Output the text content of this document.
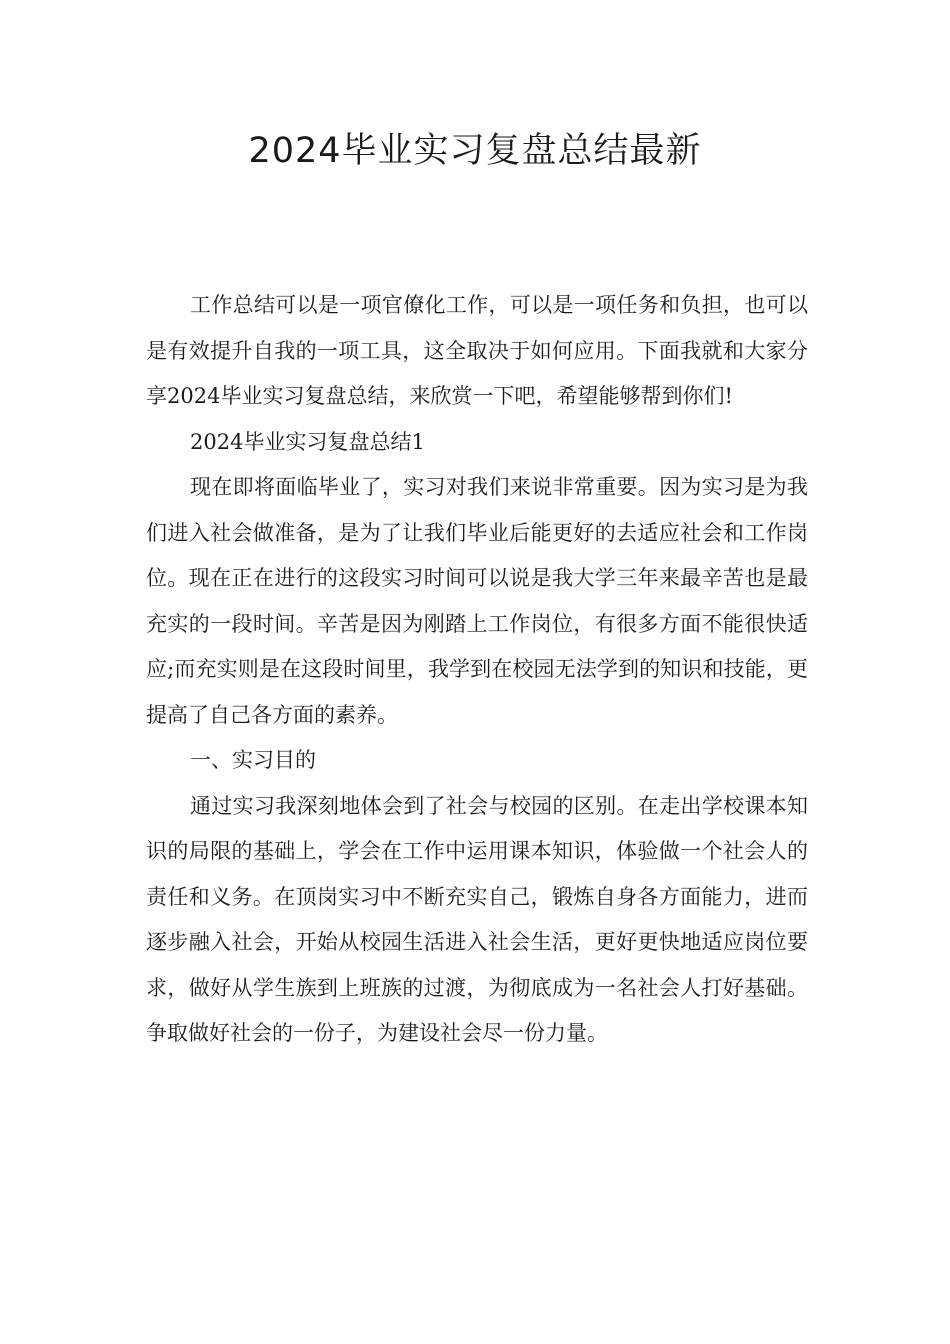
2024毕业实习复盘总结最新

工作总结可以是一项官僚化工作，可以是一项任务和负担，也可以是有效提升自我的一项工具，这全取决于如何应用。下面我就和大家分享2024毕业实习复盘总结，来欣赏一下吧，希望能够帮到你们!

2024毕业实习复盘总结1

现在即将面临毕业了，实习对我们来说非常重要。因为实习是为我们进入社会做准备，是为了让我们毕业后能更好的去适应社会和工作岗位。现在正在进行的这段实习时间可以说是我大学三年来最辛苦也是最充实的一段时间。辛苦是因为刚踏上工作岗位，有很多方面不能很快适应;而充实则是在这段时间里，我学到在校园无法学到的知识和技能，更提高了自己各方面的素养。

一、实习目的

通过实习我深刻地体会到了社会与校园的区别。在走出学校课本知识的局限的基础上，学会在工作中运用课本知识，体验做一个社会人的责任和义务。在顶岗实习中不断充实自己，锻炼自身各方面能力，进而逐步融入社会，开始从校园生活进入社会生活，更好更快地适应岗位要求，做好从学生族到上班族的过渡，为彻底成为一名社会人打好基础。争取做好社会的一份子，为建设社会尽一份力量。
